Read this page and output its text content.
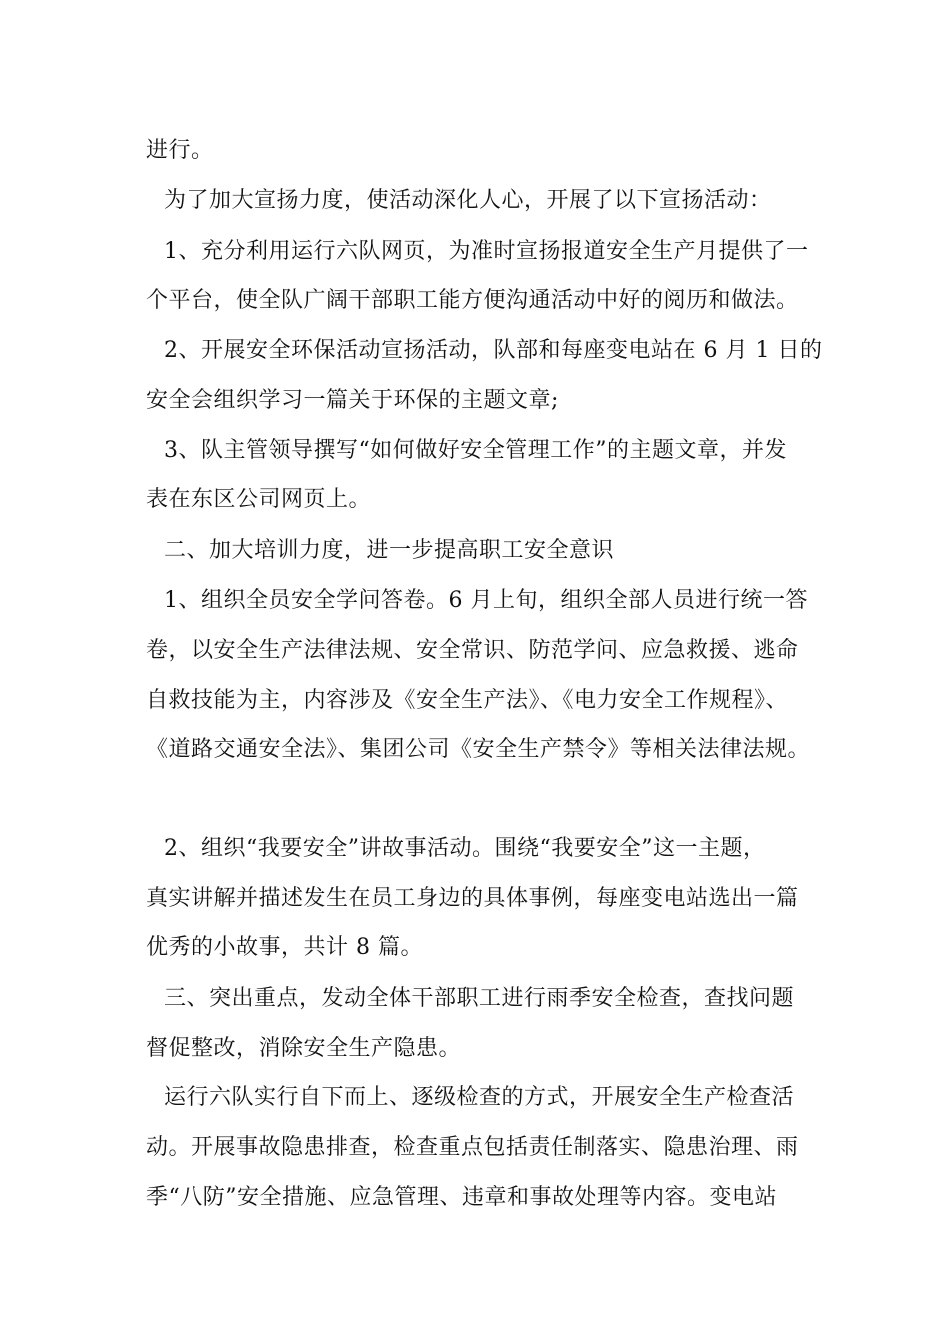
进行。
为了加大宣扬力度，使活动深化人心，开展了以下宣扬活动：
1、充分利用运行六队网页，为准时宣扬报道安全生产月提供了一
个平台，使全队广阔干部职工能方便沟通活动中好的阅历和做法。
2、开展安全环保活动宣扬活动，队部和每座变电站在 6 月 1 日的
安全会组织学习一篇关于环保的主题文章;
3、队主管领导撰写“如何做好安全管理工作”的主题文章，并发
表在东区公司网页上。
二、加大培训力度，进一步提高职工安全意识
1、组织全员安全学问答卷。6 月上旬，组织全部人员进行统一答
卷，以安全生产法律法规、安全常识、防范学问、应急救援、逃命
自救技能为主，内容涉及《安全生产法》、《电力安全工作规程》、
《道路交通安全法》、集团公司《安全生产禁令》等相关法律法规。
2、组织“我要安全”讲故事活动。围绕“我要安全”这一主题，
真实讲解并描述发生在员工身边的具体事例，每座变电站选出一篇
优秀的小故事，共计 8 篇。
三、突出重点，发动全体干部职工进行雨季安全检查，查找问题
督促整改，消除安全生产隐患。
运行六队实行自下而上、逐级检查的方式，开展安全生产检查活
动。开展事故隐患排查，检查重点包括责任制落实、隐患治理、雨
季“八防”安全措施、应急管理、违章和事故处理等内容。变电站
